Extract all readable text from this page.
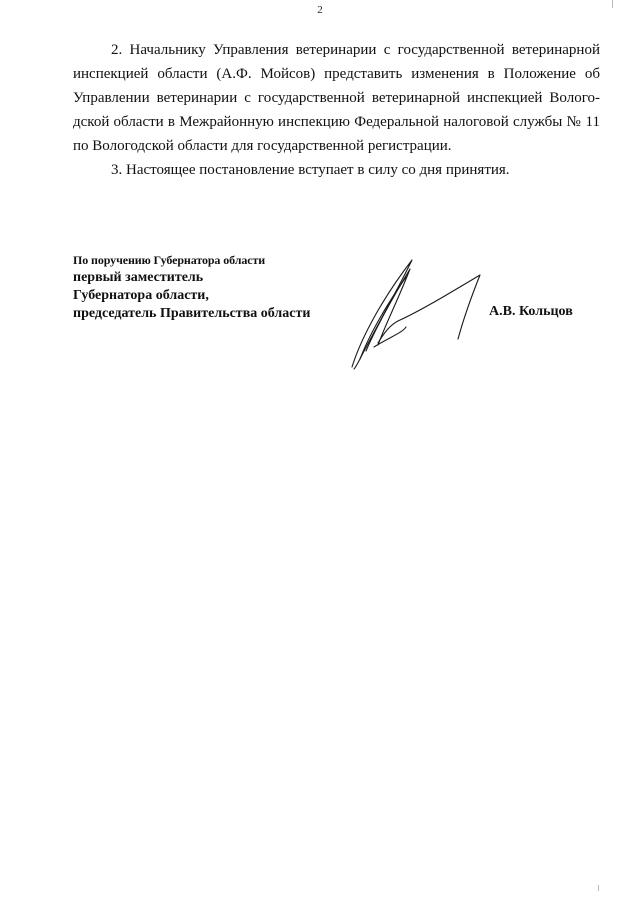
2

2. Начальнику Управления ветеринарии с государственной ветеринарной инспекцией области (А.Ф. Мойсов) представить изменения в Положение об Управлении ветеринарии с государственной ветеринарной инспекцией Вологодской области в Межрайонную инспекцию Федеральной налоговой службы № 11 по Вологодской области для государственной регистрации.

3. Настоящее постановление вступает в силу со дня принятия.

По поручению Губернатора области
первый заместитель
Губернатора области,
председатель Правительства области	А.В. Кольцов
